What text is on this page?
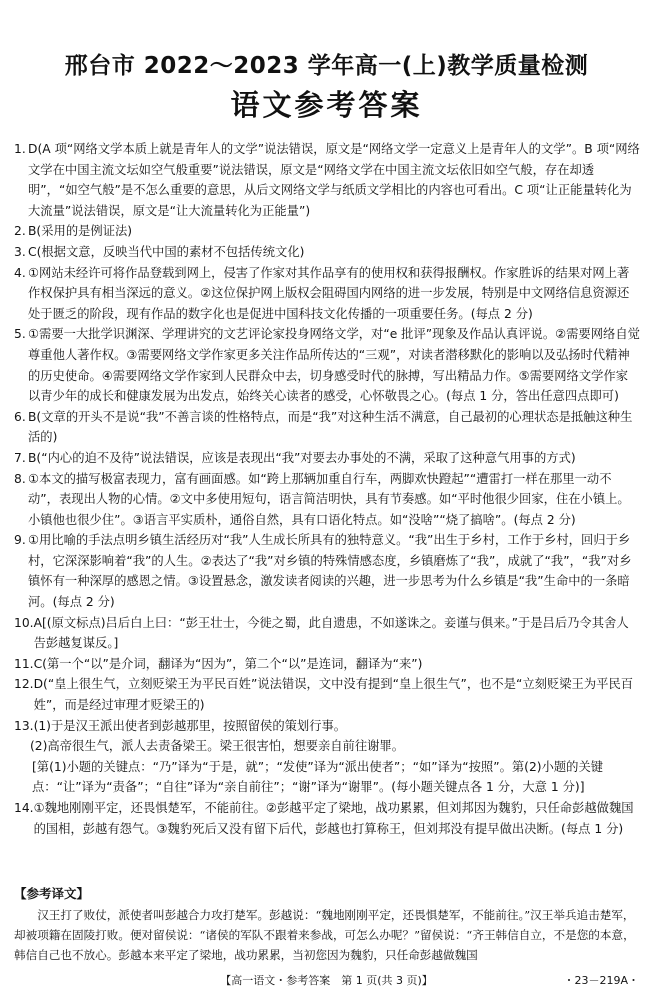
邢台市 2022～2023 学年高一(上)教学质量检测
语文参考答案
1. D(A 项“网络文学本质上就是青年人的文学”说法错误，原文是“网络文学一定意义上是青年人的文学”。B 项“网络文学在中国主流文坛如空气般重要”说法错误，原文是“网络文学在中国主流文坛依旧如空气般，存在却透明”，“如空气般”是不怎么重要的意思，从后文网络文学与纸质文学相比的内容也可看出。C 项“让正能量转化为大流量”说法错误，原文是“让大流量转化为正能量”)
2. B(采用的是例证法)
3. C(根据文意，反映当代中国的素材不包括传统文化)
4. ①网站未经许可将作品登载到网上，侵害了作家对其作品享有的使用权和获得报酬权。作家胜诉的结果对网上著作权保护具有相当深远的意义。②这位保护网上版权会阻碍国内网络的进一步发展，特别是中文网络信息资源还处于匮乏的阶段，现有作品的数字化也是促进中国科技文化传播的一项重要任务。(每点 2 分)
5. ①需要一大批学识渊深、学理讲究的文艺评论家投身网络文学，对“e 批评”现象及作品认真评说。②需要网络自觉尊重他人著作权。③需要网络文学作家更多关注作品所传达的“三观”，对读者潜移默化的影响以及弘扬时代精神的历史使命。④需要网络文学作家到人民群众中去，切身感受时代的脉搏，写出精品力作。⑤需要网络文学作家以青少年的成长和健康发展为出发点，始终关心读者的感受，心怀敬畏之心。(每点 1 分，答出任意四点即可)
6. B(文章的开头不是说“我”不善言谈的性格特点，而是“我”对这种生活不满意，自己最初的心理状态是抵触这种生活的)
7. B(“内心的迫不及待”说法错误，应该是表现出“我”对要去办事处的不满，采取了这种意气用事的方式)
8. ①本文的描写极富表现力，富有画面感。如“跨上那辆加重自行车，两脚欢快蹬起”“遭雷打一样在那里一动不动”，表现出人物的心情。②文中多使用短句，语言简洁明快，具有节奏感。如“平时他很少回家，住在小镇上。小镇他也很少住”。③语言平实质朴，通俗自然，具有口语化特点。如“没啥”“烧了搞啥”。(每点 2 分)
9. ①用比喻的手法点明乡镇生活经历对“我”人生成长所具有的独特意义。“我”出生于乡村，工作于乡村，回归于乡村，它深深影响着“我”的人生。②表达了“我”对乡镇的特殊情感态度，乡镇磨炼了“我”，成就了“我”，“我”对乡镇怀有一种深厚的感恩之情。③设置悬念，激发读者阅读的兴趣，进一步思考为什么乡镇是“我”生命中的一条暗河。(每点 2 分)
10. A[(原文标点)吕后白上曰：“彭王壮士，今徙之蜀，此自遗患，不如遂诛之。妾谨与俱来。”于是吕后乃令其舍人告彭越复谋反。]
11. C(第一个“以”是介词，翻译为“因为”，第二个“以”是连词，翻译为“来”)
12. D(“皇上很生气，立刻贬梁王为平民百姓”说法错误，文中没有提到“皇上很生气”，也不是“立刻贬梁王为平民百姓”，而是经过审理才贬梁王的)
13. (1)于是汉王派出使者到彭越那里，按照留侯的策划行事。
(2)高帝很生气，派人去责备梁王。梁王很害怕，想要亲自前往谢罪。
[第(1)小题的关键点：“乃”译为“于是，就”；“发使”译为“派出使者”；“如”译为“按照”。第(2)小题的关键点：“让”译为“责备”；“自往”译为“亲自前往”；“谢”译为“谢罪”。(每小题关键点各 1 分，大意 1 分)]
14. ①魏地刚刚平定，还畏惧楚军，不能前往。②彭越平定了梁地，战功累累，但刘邦因为魏豹，只任命彭越做魏国的国相，彭越有怨气。③魏豹死后又没有留下后代，彭越也打算称王，但刘邦没有提早做出决断。(每点 1 分)
【参考译文】
汉王打了败仗，派使者叫彭越合力攻打楚军。彭越说：“魏地刚刚平定，还畏惧楚军，不能前往。”汉王举兵追击楚军，却被项籍在固陵打败。便对留侯说：“诸侯的军队不跟着来参战，可怎么办呢？”留侯说：“齐王韩信自立，不是您的本意，韩信自己也不放心。彭越本来平定了梁地，战功累累，当初您因为魏豹，只任命彭越做魏国
【高一语文・参考答案　第 1 页(共 3 页)】	・23－219A・
